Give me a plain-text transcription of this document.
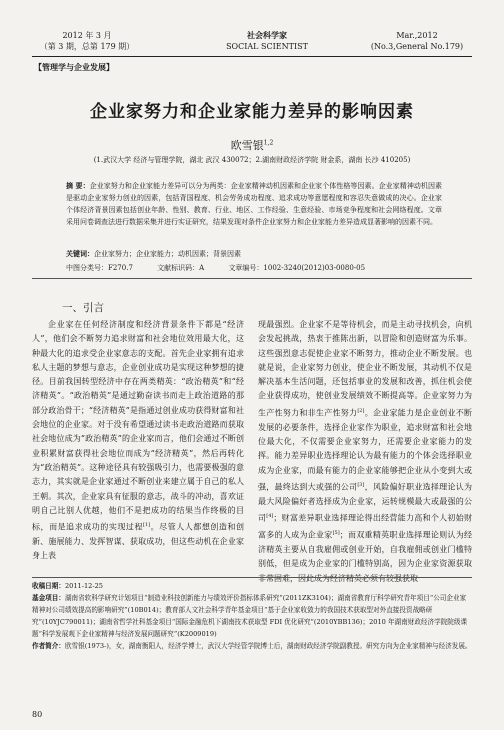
2012 年 3 月
（第 3 期，总第 179 期）
社会科学家
SOCIAL SCIENTIST
Mar.,2012
(No.3,General No.179)
【管理学与企业发展】
企业家努力和企业家能力差异的影响因素
欧雪银$^{1,2}$
(1.武汉大学 经济与管理学院，湖北 武汉 430072；2.湖南财政经济学院 财金系，湖南 长沙 410205)
摘 要：企业家努力和企业家能力差异可以分为两类：企业家精神动机因素和企业家个体性格等因素。企业家精神动机因素是驱动企业家努力创业的因素，包括背国程度、机会劳务成功程度、追求成功等意愿程度和容忍失意做成的决心。企业家个体经济背景因素包括创业年龄、性别、教育、行业、地区、工作经验、生意经验、市场竞争程度和社会网络程度。文章采用问卷调查法进行数据采集并进行实证研究，结果发现对条件企业家努力和企业家能力差异造成显著影响的因素不同。
关键词：企业家努力；企业家能力；动机因素；背景因素
中图分类号：F270.7	文献标识码：A	文章编号：1002-3240(2012)03-0080-05
一、引言

企业家在任何经济制度和经济背景条件下都是“经济人”，他们会不断努力追求财富和社会地位效用最大化，这种最大化的追求受企业家意志的支配。首先企业家拥有追求私人主题的梦想与意志，企业创业成功是实现这种梦想的捷径。目前我国转型经济中存在两类精英：“政治精英”和“经济精英”。“政治精英”是通过勤奋读书而走上政治道路的那部分政治骨干；“经济精英”是指通过创业成功获得财富和社会地位的企业家。对于没有希望通过读书走政治道路而获取社会地位成为“政治精英”的企业家而言，他们会通过不断创业积累财富获得社会地位而成为“经济精英”，然后再转化为“政治精英”。这种途径具有较强吸引力，也需要极强的意志力，其实就是企业家通过不断创业来建立属于自己的私人王朝。其次，企业家具有征服的意志，战斗的冲动，喜欢证明自己比别人优越，他们不是把成功的结果当作终极的目标，而是追求成功的实现过程[1]。尽管人人都想创造和创新、施展能力、发挥智谋、获取成功，但这些动机在企业家身上表

现最强烈。企业家不是等待机会，而是主动寻找机会，向机会发起挑战，热衷于推陈出新，以冒险和创造财富为乐事。这些强烈意志促使企业家不断努力，推动企业不断发展。也就是说，企业家努力创业，使企业不断发展，其动机不仅是解决基本生活问题，还包括事业的发展和改善，抓住机会使企业获得成功，使创业发展绩效不断提高等。企业家努力为生产性努力和非生产性努力[2]。企业家能力是企业创业不断发展的必要条件，选择企业家作为职业，追求财富和社会地位最大化，不仅需要企业家努力，还需要企业家能力的发挥。能力差异职业选择理论认为最有能力的个体会选择职业成为企业家，而最有能力的企业家能够把企业从小变到大或强，最终达到大或强的公司[3]，风险偏好职业选择理论认为最大风险偏好者选择成为企业家，运转规模最大或最强的公司[4]；财富差异职业选择理论得出经营能力高和个人初始财富多的人成为企业家[5]；而双重精英职业选择理论则认为经济精英主要从自我雇佣或创业开始，自我雇佣或创业门槛特别低，但是成为企业家的门槛特别高，因为企业家资源获取非常困难，因此成为经济精英必须有较强获取

收稿日期：2011-12-25
基金项目：湖南省软科学研究计划项目“制造业科技创新能力与绩效评价指标体系研究”(2011ZK3104)；湖南省教育厅科学研究青年项目“公司企业家精神对公司绩效提高的影响研究”(10B014)；教育部人文社会科学青年基金项目“基于企业家收敛力的我国技术获取型对外直接投资战略研究”(10YJC790011)；湖南省哲学社科基金项目“国际金融危机下湖南技术获取型 FDI 优化研究”(2010YBB136)；2010 年湖南财政经济学院院级课题“科学发展观下企业家精神与经济发展问题研究”(K2009019)
作者简介：欧雪银(1973-)，女，湖南衡阳人，经济学博士，武汉大学经管学院博士后，湖南财政经济学院副教授。研究方向为企业家精神与经济发展。
80
